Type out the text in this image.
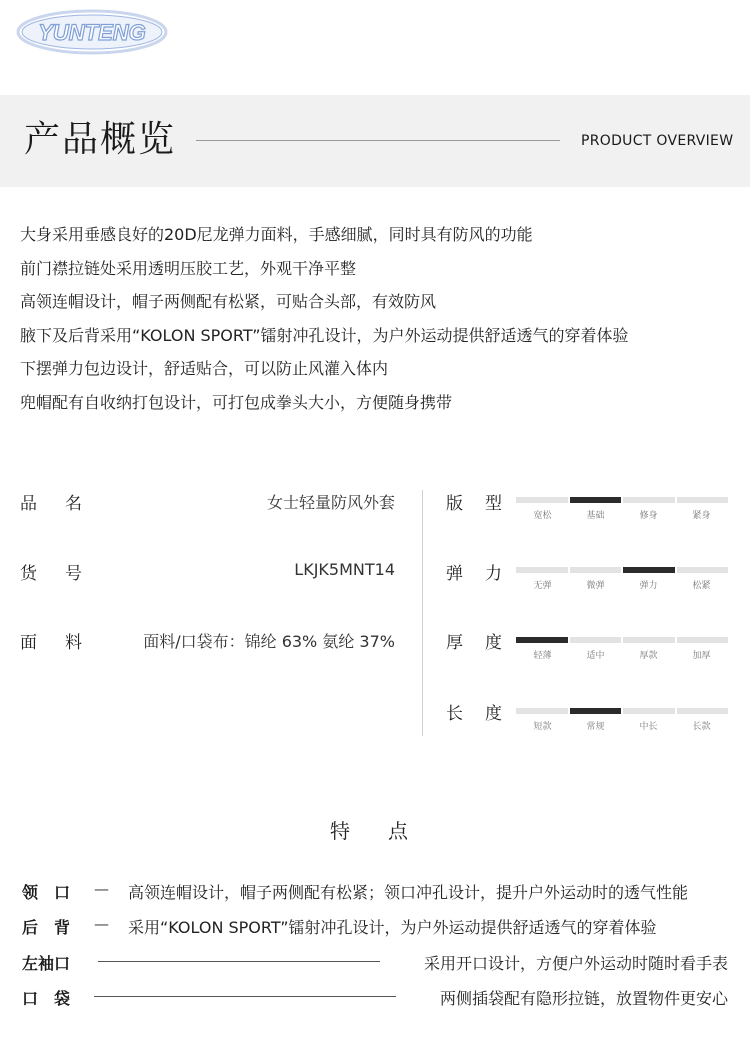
YUNTENG
产品概览	PRODUCT OVERVIEW
大身采用垂感良好的20D尼龙弹力面料，手感细腻，同时具有防风的功能
前门襟拉链处采用透明压胶工艺，外观干净平整
高领连帽设计，帽子两侧配有松紧，可贴合头部，有效防风
腋下及后背采用“KOLON SPORT”镭射冲孔设计，为户外运动提供舒适透气的穿着体验
下摆弹力包边设计，舒适贴合，可以防止风灌入体内
兜帽配有自收纳打包设计，可打包成拳头大小，方便随身携带
品 名	女士轻量防风外套
货 号	LKJK5MNT14
面 料	面料/口袋布：锦纶 63% 氨纶 37%
版 型
宽松	基础	修身	紧身
弹 力
无弹	微弹	弹力	松紧
厚 度
轻薄	适中	厚款	加厚
长 度
短款	常规	中长	长款
特点
领 口 — 高领连帽设计，帽子两侧配有松紧；领口冲孔设计，提升户外运动时的透气性能
后 背 — 采用“KOLON SPORT”镭射冲孔设计，为户外运动提供舒适透气的穿着体验
左袖口	采用开口设计，方便户外运动时随时看手表
口 袋	两侧插袋配有隐形拉链，放置物件更安心
